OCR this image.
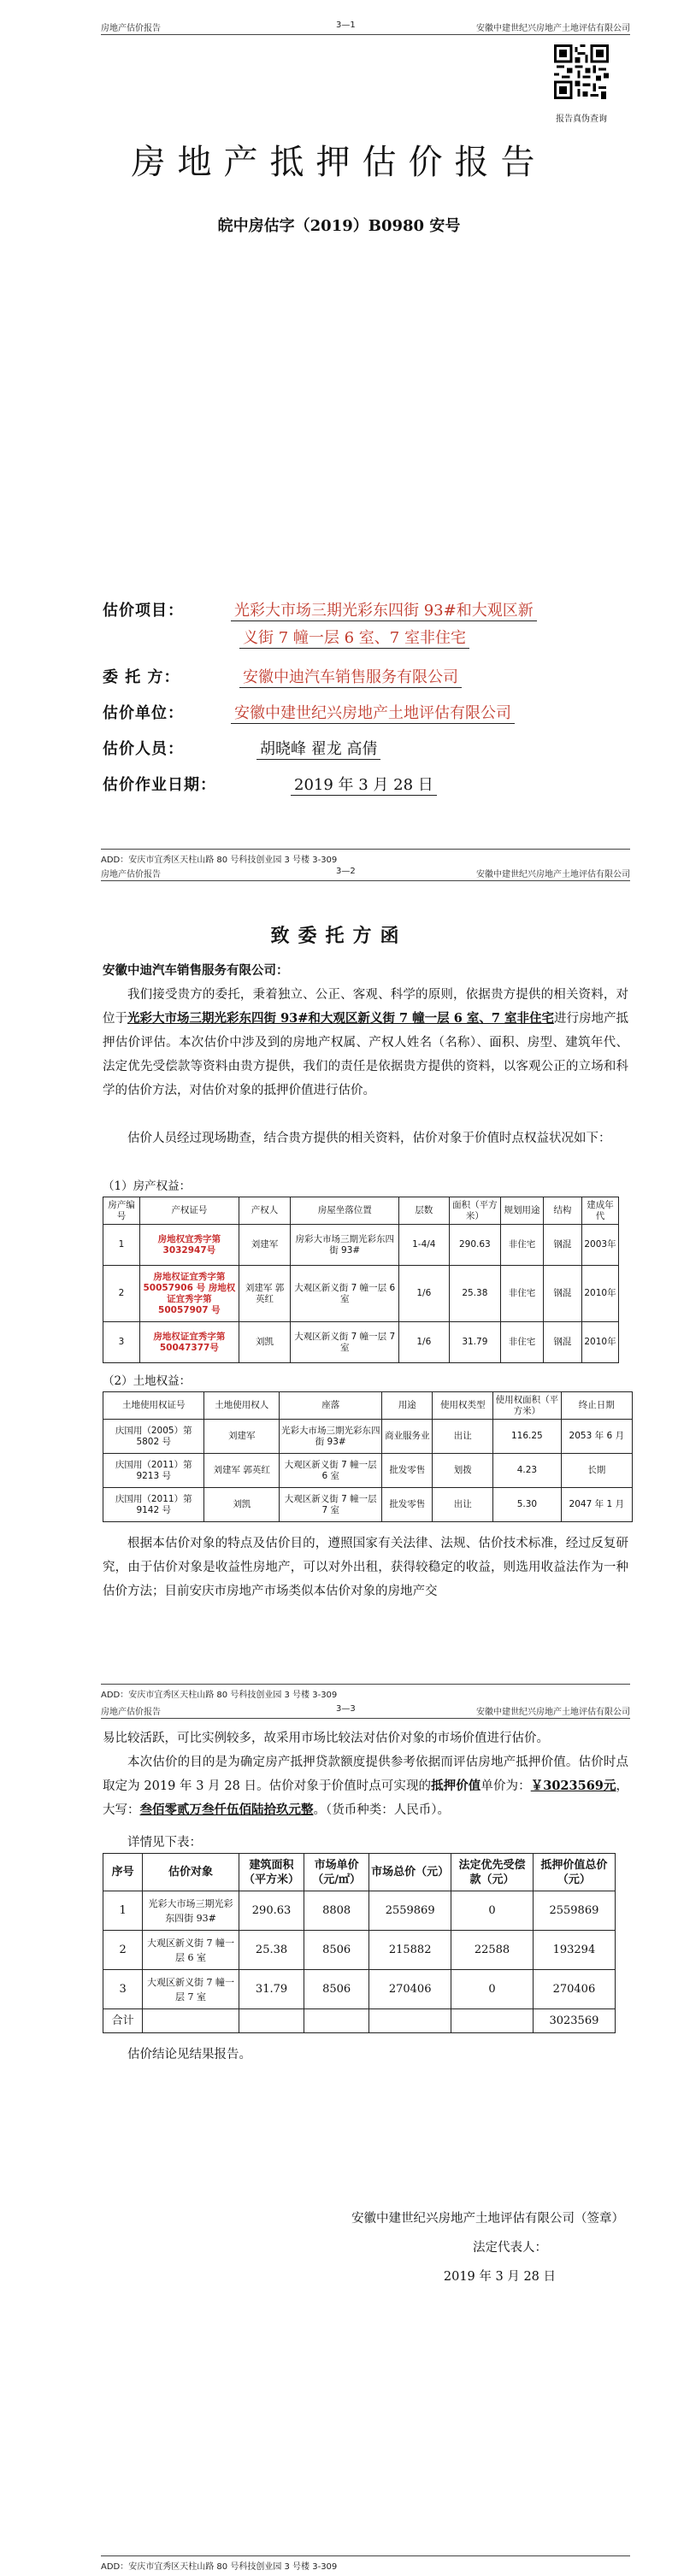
房地产估价报告	3—1	安徽中建世纪兴房地产土地评估有限公司
报告真伪查询
房地产抵押估价报告
皖中房估字（2019）B0980 安号
估价项目：	光彩大市场三期光彩东四街 93#和大观区新
义街 7 幢一层 6 室、7 室非住宅
委 托 方：	安徽中迪汽车销售服务有限公司
估价单位：	安徽中建世纪兴房地产土地评估有限公司
估价人员：	胡晓峰 翟龙 高倩
估价作业日期：	2019 年 3 月 28 日
ADD：安庆市宜秀区天柱山路 80 号科技创业园 3 号楼 3-309
房地产估价报告	3—2	安徽中建世纪兴房地产土地评估有限公司
致委托方函
安徽中迪汽车销售服务有限公司：
我们接受贵方的委托，秉着独立、公正、客观、科学的原则，依据贵方提供的相关资料，对位于光彩大市场三期光彩东四街 93#和大观区新义街 7 幢一层 6 室、7 室非住宅进行房地产抵押估价评估。本次估价中涉及到的房地产权属、产权人姓名（名称）、面积、房型、建筑年代、法定优先受偿款等资料由贵方提供，我们的责任是依据贵方提供的资料，以客观公正的立场和科学的估价方法，对估价对象的抵押价值进行估价。
估价人员经过现场勘查，结合贵方提供的相关资料，估价对象于价值时点权益状况如下：
（1）房产权益：
房产编号	产权证号	产权人	房屋坐落位置	层数	面积（平方米）	规划用途	结构	建成年代
1	房地权宜秀字第 3032947号	刘建军	房彩大市场三期光彩东四街 93#	1-4/4	290.63	非住宅	钢混	2003年
2	房地权证宜秀字第 50057906 号 房地权证宜秀字第 50057907 号	刘建军 郭英红	大观区新义街 7 幢一层 6 室	1/6	25.38	非住宅	钢混	2010年
3	房地权证宜秀字第 50047377号	刘凯	大观区新义街 7 幢一层 7 室	1/6	31.79	非住宅	钢混	2010年
（2）土地权益：
土地使用权证号	土地使用权人	座落	用途	使用权类型	使用权面积（平方米）	终止日期
庆国用（2005）第 5802 号	刘建军	光彩大市场三期光彩东四街 93#	商业服务业	出让	116.25	2053 年 6 月
庆国用（2011）第 9213 号	刘建军 郭英红	大观区新义街 7 幢一层 6 室	批发零售	划拨	4.23	长期
庆国用（2011）第 9142 号	刘凯	大观区新义街 7 幢一层 7 室	批发零售	出让	5.30	2047 年 1 月
根据本估价对象的特点及估价目的，遵照国家有关法律、法规、估价技术标准，经过反复研究，由于估价对象是收益性房地产，可以对外出租，获得较稳定的收益，则选用收益法作为一种估价方法；目前安庆市房地产市场类似本估价对象的房地产交
ADD：安庆市宜秀区天柱山路 80 号科技创业园 3 号楼 3-309
房地产估价报告	3—3	安徽中建世纪兴房地产土地评估有限公司
易比较活跃，可比实例较多，故采用市场比较法对估价对象的市场价值进行估价。
本次估价的目的是为确定房产抵押贷款额度提供参考依据而评估房地产抵押价值。估价时点取定为 2019 年 3 月 28 日。估价对象于价值时点可实现的抵押价值单价为：￥3023569元，大写：叁佰零贰万叁仟伍佰陆拾玖元整。（货币种类：人民币）。
详情见下表：
序号	估价对象	建筑面积（平方米）	市场单价（元/㎡）	市场总价（元）	法定优先受偿款（元）	抵押价值总价（元）
1	光彩大市场三期光彩东四街 93#	290.63	8808	2559869	0	2559869
2	大观区新义街 7 幢一层 6 室	25.38	8506	215882	22588	193294
3	大观区新义街 7 幢一层 7 室	31.79	8506	270406	0	270406
合计						3023569
估价结论见结果报告。
安徽中建世纪兴房地产土地评估有限公司（签章）
法定代表人：
2019 年 3 月 28 日
ADD：安庆市宜秀区天柱山路 80 号科技创业园 3 号楼 3-309
